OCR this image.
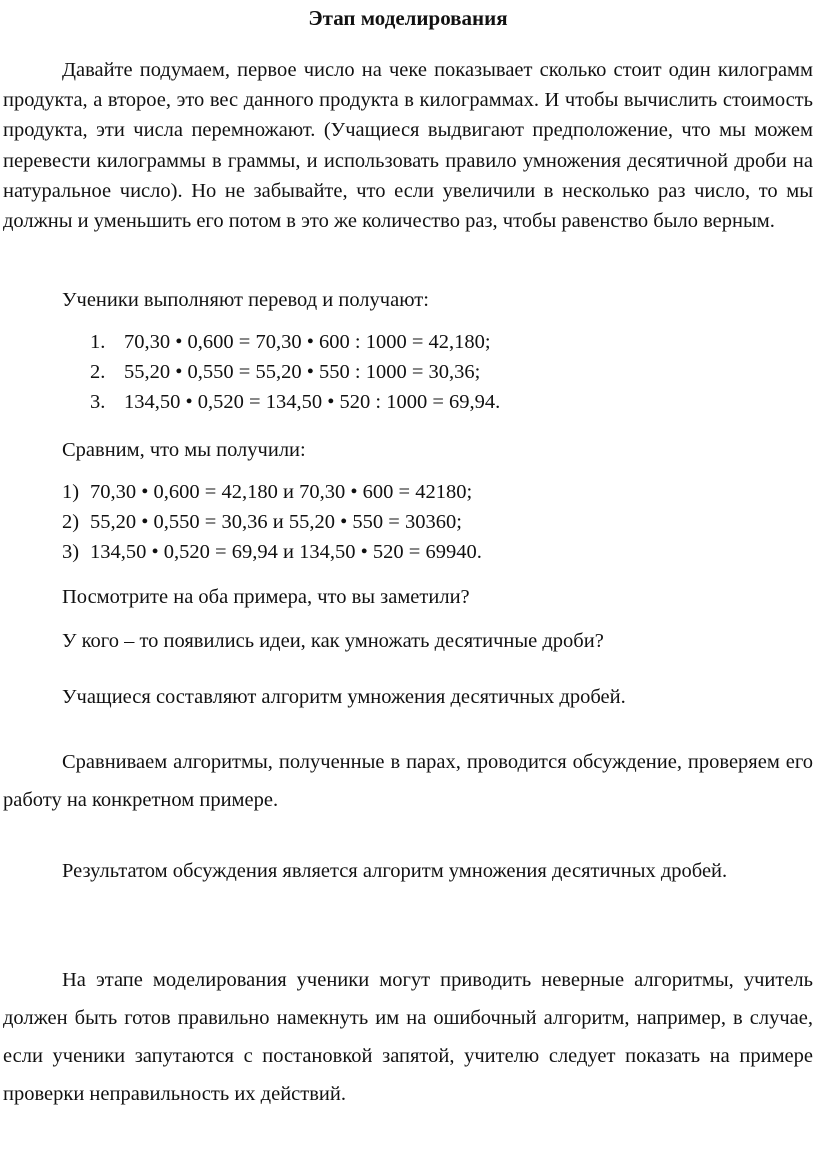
Этап моделирования

Давайте подумаем, первое число на чеке показывает сколько стоит один килограмм продукта, а второе, это вес данного продукта в килограммах. И чтобы вычислить стоимость продукта, эти числа перемножают. (Учащиеся выдвигают предположение, что мы можем перевести килограммы в граммы, и использовать правило умножения десятичной дроби на натуральное число). Но не забывайте, что если увеличили в несколько раз число, то мы должны и уменьшить его потом в это же количество раз, чтобы равенство было верным.

Ученики выполняют перевод и получают:

1. 70,30 • 0,600 = 70,30 • 600 : 1000 = 42,180;
2. 55,20 • 0,550 = 55,20 • 550 : 1000 = 30,36;
3. 134,50 • 0,520 = 134,50 • 520 : 1000 = 69,94.

Сравним, что мы получили:

1) 70,30 • 0,600 = 42,180 и 70,30 • 600 = 42180;
2) 55,20 • 0,550 = 30,36 и 55,20 • 550 = 30360;
3) 134,50 • 0,520 = 69,94 и 134,50 • 520 = 69940.

Посмотрите на оба примера, что вы заметили?

У кого – то появились идеи, как умножать десятичные дроби?

Учащиеся составляют алгоритм умножения десятичных дробей.

Сравниваем алгоритмы, полученные в парах, проводится обсуждение, проверяем его работу на конкретном примере.

Результатом обсуждения является алгоритм умножения десятичных дробей.

На этапе моделирования ученики могут приводить неверные алгоритмы, учитель должен быть готов правильно намекнуть им на ошибочный алгоритм, например, в случае, если ученики запутаются с постановкой запятой, учителю следует показать на примере проверки неправильность их действий.
